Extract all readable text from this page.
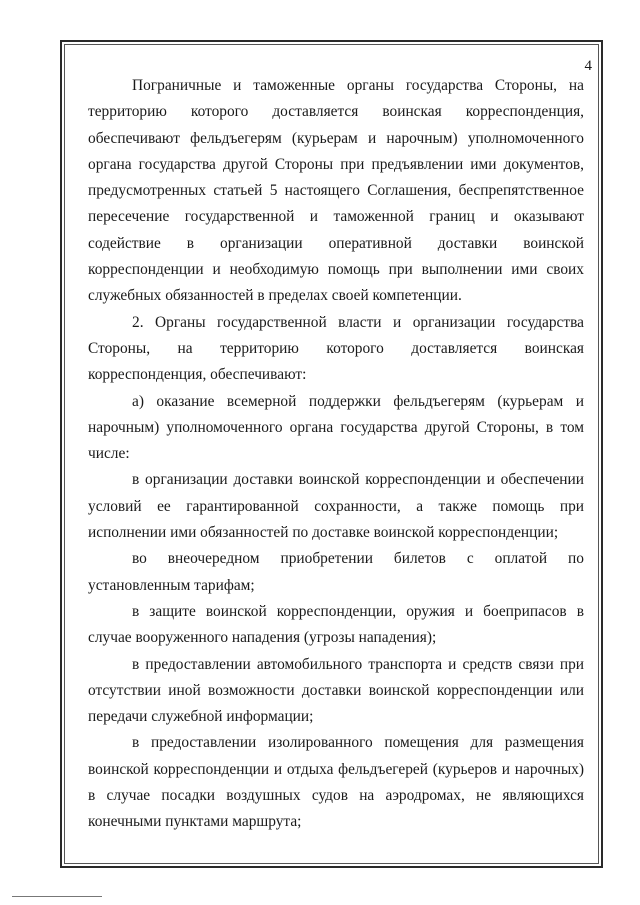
4

Пограничные и таможенные органы государства Стороны, на территорию которого доставляется воинская корреспонденция, обеспечивают фельдъегерям (курьерам и нарочным) уполномоченного органа государства другой Стороны при предъявлении ими документов, предусмотренных статьей 5 настоящего Соглашения, беспрепятственное пересечение государственной и таможенной границ и оказывают содействие в организации оперативной доставки воинской корреспонденции и необходимую помощь при выполнении ими своих служебных обязанностей в пределах своей компетенции.

2. Органы государственной власти и организации государства Стороны, на территорию которого доставляется воинская корреспонденция, обеспечивают:

а) оказание всемерной поддержки фельдъегерям (курьерам и нарочным) уполномоченного органа государства другой Стороны, в том числе:

в организации доставки воинской корреспонденции и обеспечении условий ее гарантированной сохранности, а также помощь при исполнении ими обязанностей по доставке воинской корреспонденции;

во внеочередном приобретении билетов с оплатой по установленным тарифам;

в защите воинской корреспонденции, оружия и боеприпасов в случае вооруженного нападения (угрозы нападения);

в предоставлении автомобильного транспорта и средств связи при отсутствии иной возможности доставки воинской корреспонденции или передачи служебной информации;

в предоставлении изолированного помещения для размещения воинской корреспонденции и отдыха фельдъегерей (курьеров и нарочных) в случае посадки воздушных судов на аэродромах, не являющихся конечными пунктами маршрута;
